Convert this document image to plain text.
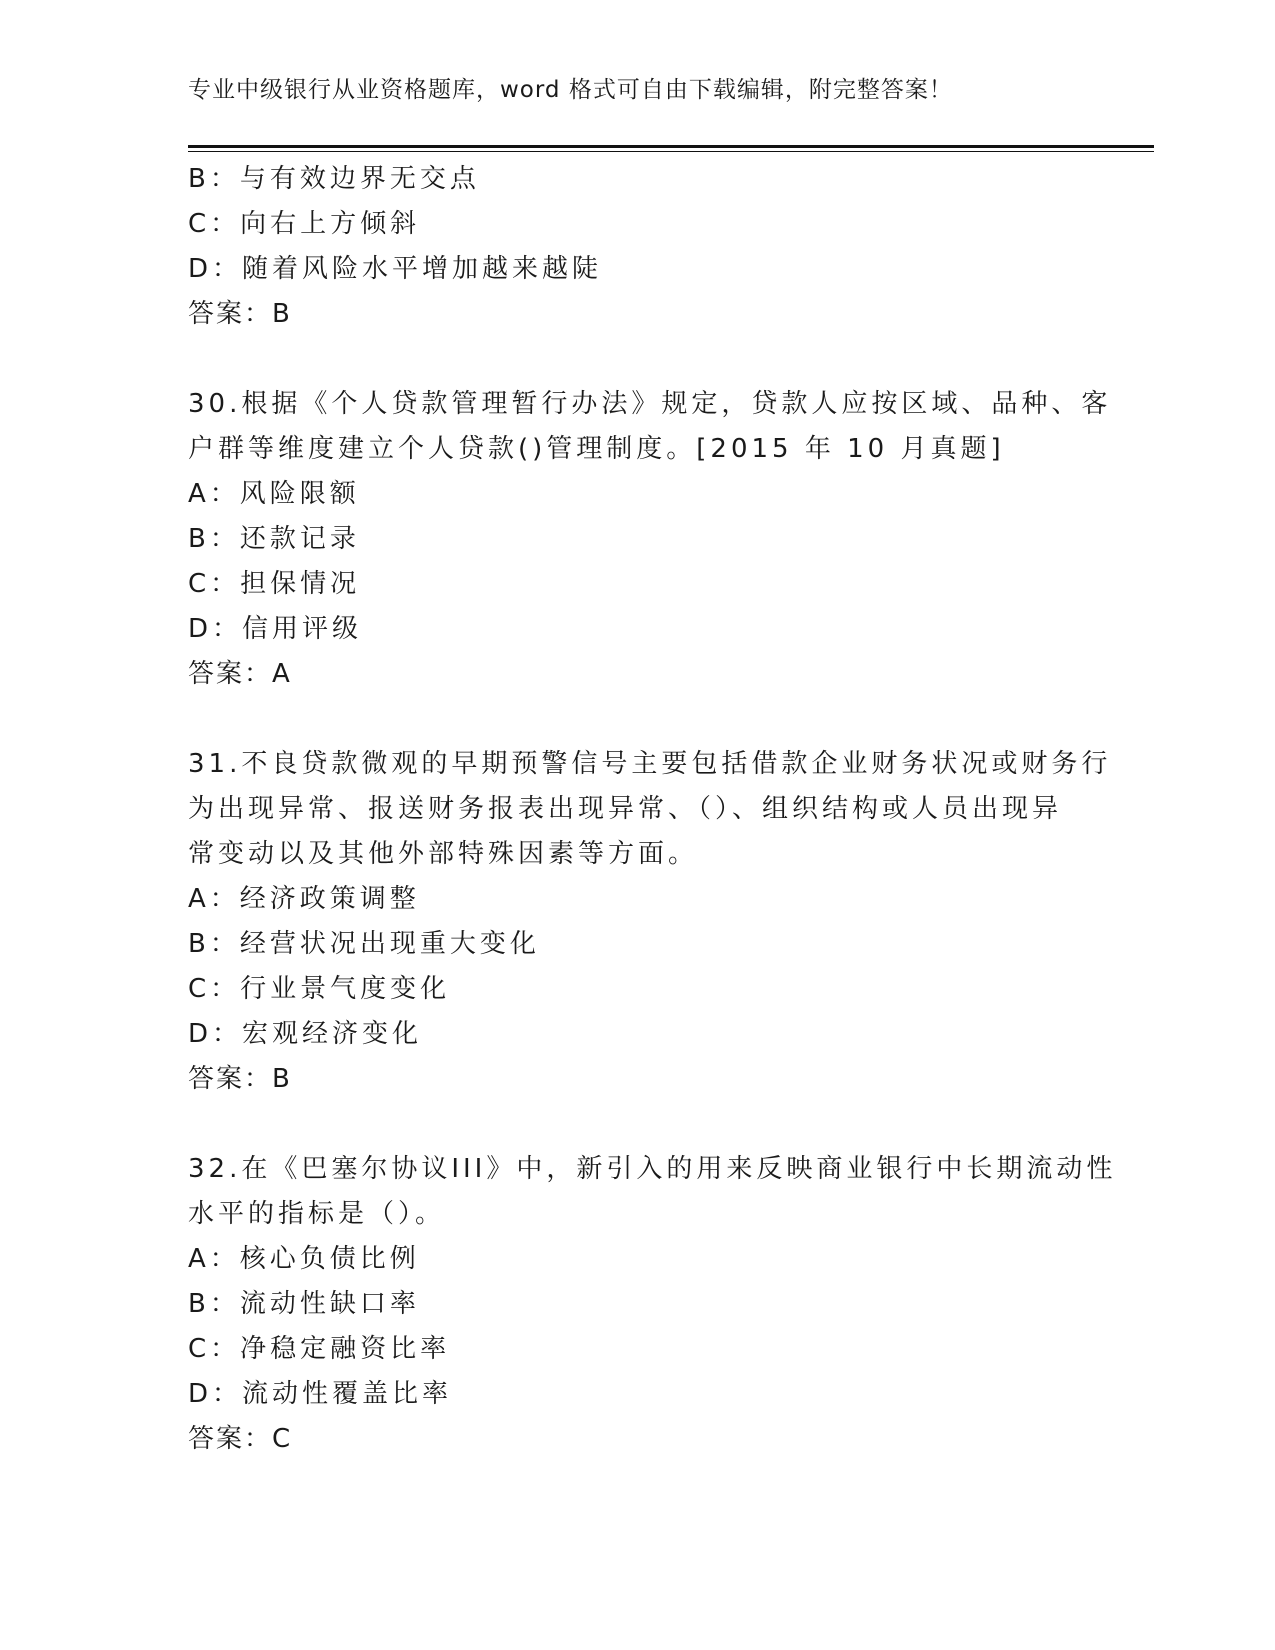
专业中级银行从业资格题库，word 格式可自由下载编辑，附完整答案！
B：与有效边界无交点
C：向右上方倾斜
D：随着风险水平增加越来越陡
答案：B
30.根据《个人贷款管理暂行办法》规定，贷款人应按区域、品种、客
户群等维度建立个人贷款()管理制度。[2015 年 10 月真题]
A：风险限额
B：还款记录
C：担保情况
D：信用评级
答案：A
31.不良贷款微观的早期预警信号主要包括借款企业财务状况或财务行
为出现异常、报送财务报表出现异常、（）、组织结构或人员出现异
常变动以及其他外部特殊因素等方面。
A：经济政策调整
B：经营状况出现重大变化
C：行业景气度变化
D：宏观经济变化
答案：B
32.在《巴塞尔协议III》中，新引入的用来反映商业银行中长期流动性
水平的指标是（）。
A：核心负债比例
B：流动性缺口率
C：净稳定融资比率
D：流动性覆盖比率
答案：C
